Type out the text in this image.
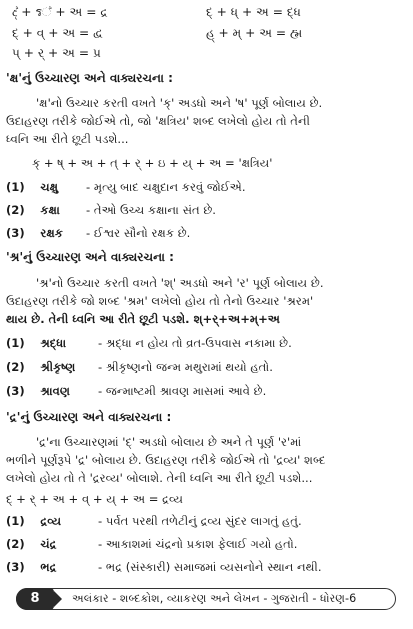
ද් + ร් + અ = દ્ર	દ્ + ધ્ + અ = દ્ધ
દ્ + વ્ + અ = દ્વ	હ્ + મ્ + અ = હ્મ
પ્ + ર્ + અ = પ્ર
'ક્ષ'નું ઉચ્ચારણ અને વાક્યરચના :
'ક્ષ'નો ઉચ્ચાર કરતી વખતે 'ક્' અડધો અને 'ષ' પૂર્ણ બોલાય છે.
ઉદાહરણ તરીકે જોઈએ તો, જો 'ક્ષત્રિય' શબ્દ લખેલો હોય તો તેની
ધ્વનિ આ રીતે છૂટી પડશે...
ક્ + ષ્ + અ + ત્ + ર્ + ઇ + ય્ + અ = 'ક્ષત્રિય'
(1) ચક્ષુ - મૃત્યુ બાદ ચક્ષુદાન કરવું જોઈએ.
(2) કક્ષા - તેઓ ઉચ્ચ કક્ષાના સંત છે.
(3) રક્ષક - ઈશ્વર સૌનો રક્ષક છે.
'શ્ર'નું ઉચ્ચારણ અને વાક્યરચના :
'શ્ર'નો ઉચ્ચાર કરતી વખતે 'શ્' અડધો અને 'ર' પૂર્ણ બોલાય છે.
ઉદાહરણ તરીકે જો શબ્દ 'શ્રમ' લખેલો હોય તો તેનો ઉચ્ચાર 'શ્રરમ'
થાય છે. તેની ધ્વનિ આ રીતે છૂટી પડશે. શ્+ર્+અ+મ્+અ
(1) શ્રદ્ધા	- શ્રદ્ધા ન હોય તો વ્રત-ઉપવાસ નકામા છે.
(2) શ્રીકૃષ્ણ - શ્રીકૃષ્ણનો જન્મ મથુરામાં થયો હતો.
(3) શ્રાવણ - જન્માષ્ટમી શ્રાવણ માસમાં આવે છે.
'દ્ર'નું ઉચ્ચારણ અને વાક્યરચના :
'દ્ર'ના ઉચ્ચારણમાં 'દ્' અડધો બોલાય છે અને તે પૂર્ણ 'ર'માં
ભળીને પૂર્ણરૂપે 'દ્ર' બોલાય છે. ઉદાહરણ તરીકે જોઈએ તો 'દ્રવ્ય' શબ્દ
લખેલો હોય તો તે 'દ્રરવ્ય' બોલાશે. તેની ધ્વનિ આ રીતે છૂટી પડશે...
દ્ + ર્ + અ + વ્ + ય્ + અ = દ્રવ્ય
(1) દ્રવ્ય	- પર્વત પરથી તળેટીનું દ્રવ્ય સુંદર લાગતું હતું.
(2) ચંદ્ર	- આકાશમાં ચંદ્રનો પ્રકાશ ફેલાઈ ગયો હતો.
(3) ભદ્ર	- ભદ્ર (સંસ્કારી) સમાજમાં વ્યસનોને સ્થાન નથી.
8	અલંકાર - શબ્દકોશ, વ્યાકરણ અને લેખન - ગુજરાતી - ધોરણ-6
